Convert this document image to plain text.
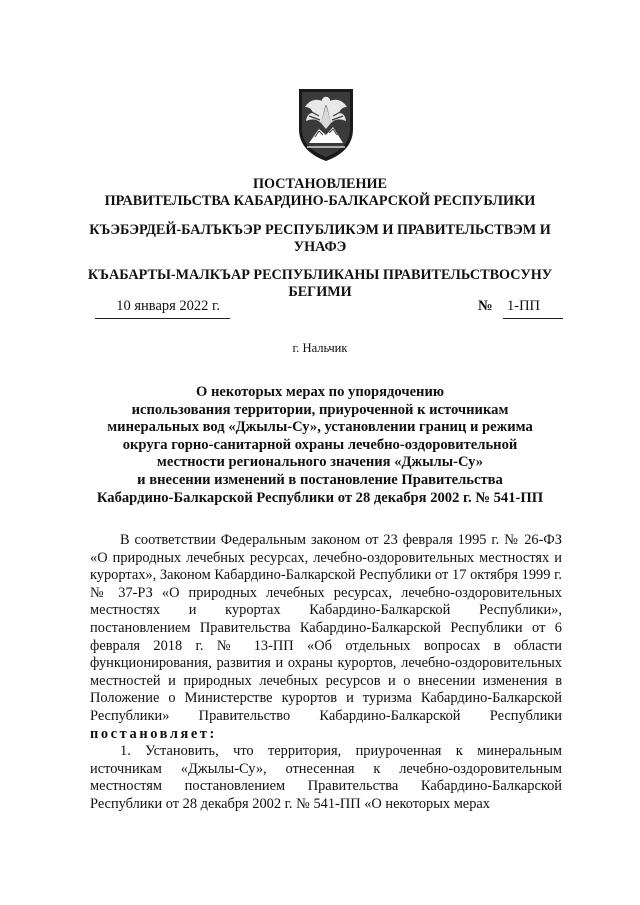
ПОСТАНОВЛЕНИЕ
ПРАВИТЕЛЬСТВА КАБАРДИНО-БАЛКАРСКОЙ РЕСПУБЛИКИ
КЪЭБЭРДЕЙ-БАЛЪКЪЭР РЕСПУБЛИКЭМ И ПРАВИТЕЛЬСТВЭМ И
УНАФЭ
КЪАБАРТЫ-МАЛКЪАР РЕСПУБЛИКАНЫ ПРАВИТЕЛЬСТВОСУНУ
БЕГИМИ
10 января 2022 г.	№ 1-ПП
г. Нальчик
О некоторых мерах по упорядочению
использования территории, приуроченной к источникам
минеральных вод «Джылы-Су», установлении границ и режима
округа горно-санитарной охраны лечебно-оздоровительной
местности регионального значения «Джылы-Су»
и внесении изменений в постановление Правительства
Кабардино-Балкарской Республики от 28 декабря 2002 г. № 541-ПП

В соответствии Федеральным законом от 23 февраля 1995 г. № 26-ФЗ «О природных лечебных ресурсах, лечебно-оздоровительных местностях и курортах», Законом Кабардино-Балкарской Республики от 17 октября 1999 г. № 37-РЗ «О природных лечебных ресурсах, лечебно-оздоровительных местностях и курортах Кабардино-Балкарской Республики», постановлением Правительства Кабардино-Балкарской Республики от 6 февраля 2018 г. № 13-ПП «Об отдельных вопросах в области функционирования, развития и охраны курортов, лечебно-оздоровительных местностей и природных лечебных ресурсов и о внесении изменения в Положение о Министерстве курортов и туризма Кабардино-Балкарской Республики» Правительство Кабардино-Балкарской Республики постановляет:

1. Установить, что территория, приуроченная к минеральным источникам «Джылы-Су», отнесенная к лечебно-оздоровительным местностям постановлением Правительства Кабардино-Балкарской Республики от 28 декабря 2002 г. № 541-ПП «О некоторых мерах
